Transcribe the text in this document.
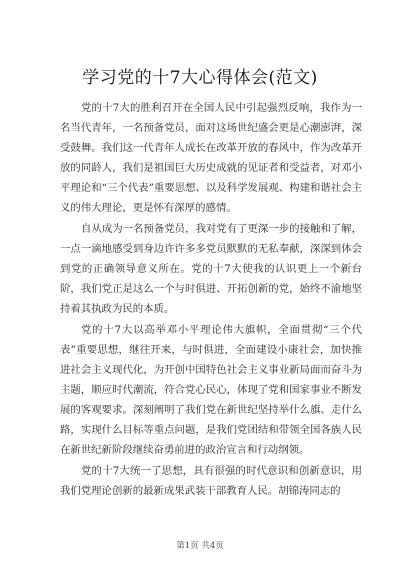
学习党的十7大心得体会(范文)

党的十7大的胜利召开在全国人民中引起强烈反响，我作为一名当代青年，一名预备党员，面对这场世纪盛会更是心潮澎湃，深受鼓舞。我们这一代青年人成长在改革开放的春风中，作为改革开放的同龄人，我们是祖国巨大历史成就的见证者和受益者，对邓小平理论和“三个代表”重要思想、以及科学发展观、构建和谐社会主义的伟大理论，更是怀有深厚的感情。

自从成为一名预备党员，我对党有了更深一步的接触和了解，一点一滴地感受到身边许许多多党员默默的无私奉献，深深到体会到党的正确领导意义所在。党的十7大使我的认识更上一个新台阶，我们党正是这么一个与时俱进、开拓创新的党，始终不渝地坚持着其执政为民的本质。

党的十7大以高举邓小平理论伟大旗帜，全面贯彻“三个代表”重要思想，继往开来，与时俱进，全面建设小康社会，加快推进社会主义现代化，为开创中国特色社会主义事业新局面而奋斗为主题，顺应时代潮流，符合党心民心，体现了党和国家事业不断发展的客观要求。深刻阐明了我们党在新世纪坚持举什么旗、走什么路，实现什么目标等重点问题，是我们党团结和带领全国各族人民在新世纪新阶段继续奋勇前进的政治宣言和行动纲领。

党的十7大统一了思想，具有很强的时代意识和创新意识，用我们党理论创新的最新成果武装干部教育人民。胡锦涛同志的

第1页 共4页
